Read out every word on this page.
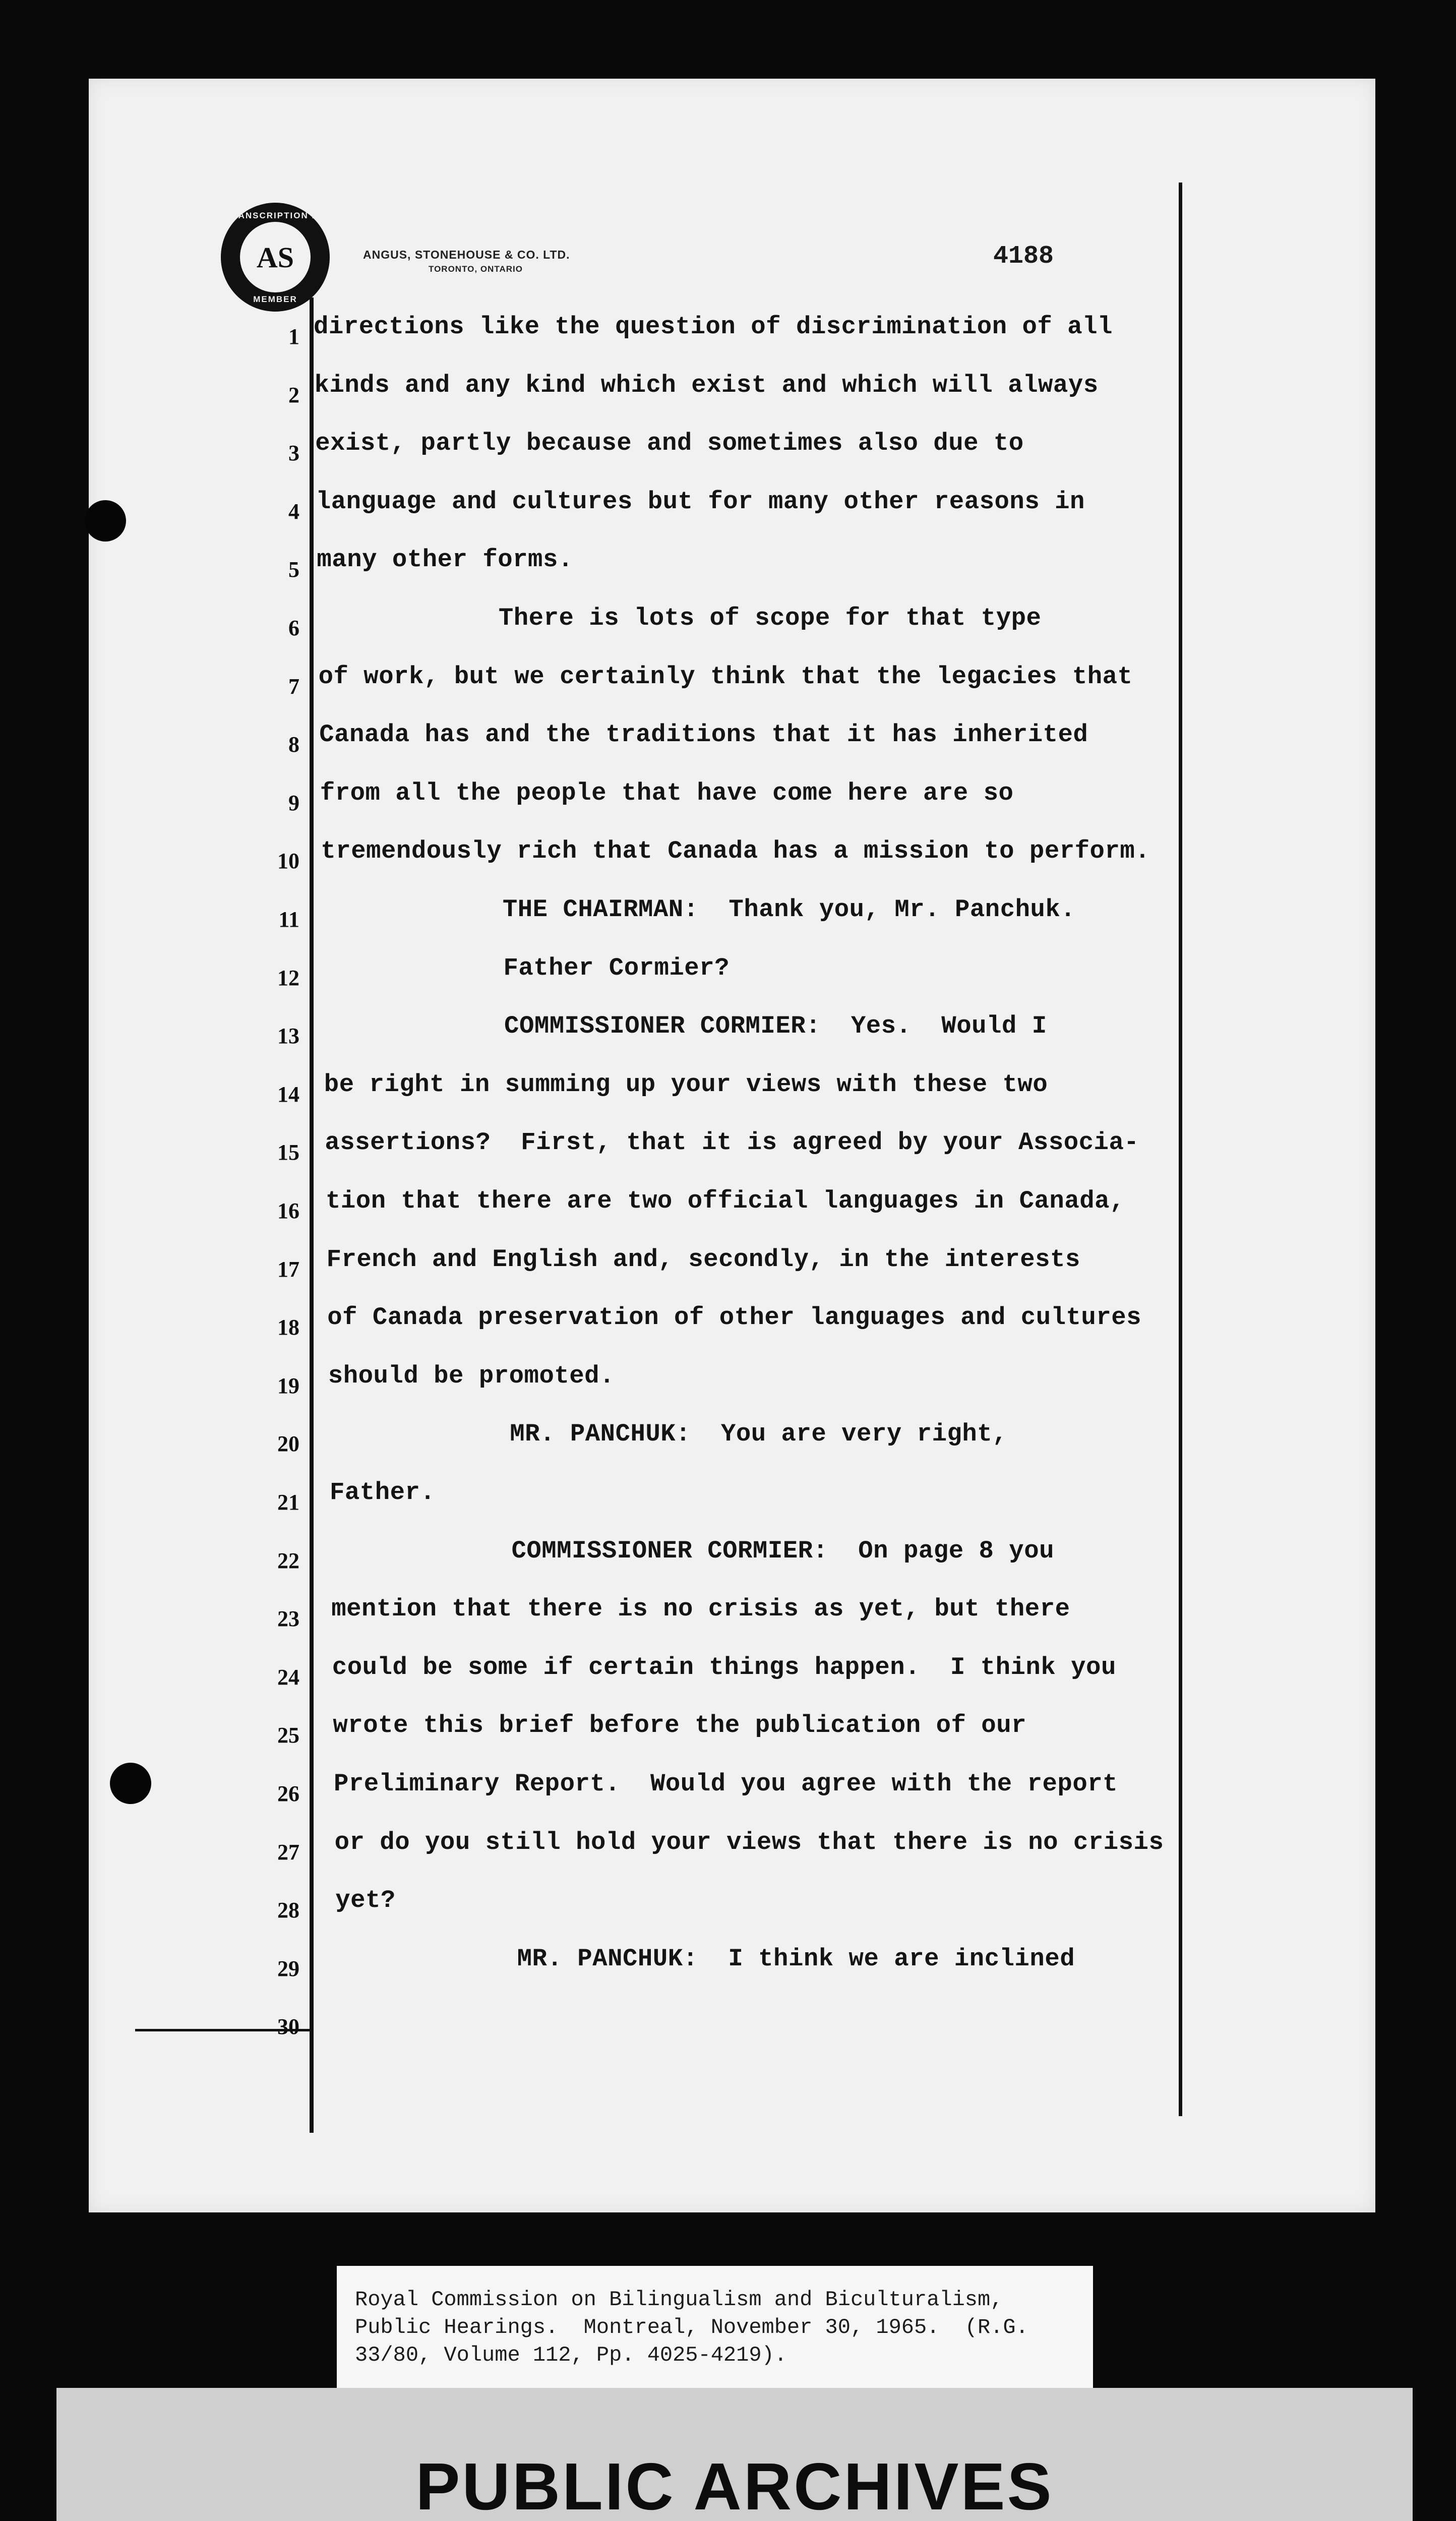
TRANSCRIPTION BY
AS
MEMBER
ANGUS, STONEHOUSE & CO. LTD.
TORONTO, ONTARIO	4188
1 directions like the question of discrimination of all
2 kinds and any kind which exist and which will always
3 exist, partly because and sometimes also due to
4 language and cultures but for many other reasons in
5 many other forms.
6 There is lots of scope for that type
7 of work, but we certainly think that the legacies that
8 Canada has and the traditions that it has inherited
9 from all the people that have come here are so
10 tremendously rich that Canada has a mission to perform.
11 THE CHAIRMAN:  Thank you, Mr. Panchuk.
12 Father Cormier?
13 COMMISSIONER CORMIER:  Yes.  Would I
14 be right in summing up your views with these two
15 assertions?  First, that it is agreed by your Associa-
16 tion that there are two official languages in Canada,
17 French and English and, secondly, in the interests
18 of Canada preservation of other languages and cultures
19 should be promoted.
20 MR. PANCHUK:  You are very right,
21 Father.
22 COMMISSIONER CORMIER:  On page 8 you
23 mention that there is no crisis as yet, but there
24 could be some if certain things happen.  I think you
25 wrote this brief before the publication of our
26 Preliminary Report.  Would you agree with the report
27 or do you still hold your views that there is no crisis
28 yet?
29 MR. PANCHUK:  I think we are inclined
30
Royal Commission on Bilingualism and Biculturalism,
Public Hearings.  Montreal, November 30, 1965.  (R.G.
33/80, Volume 112, Pp. 4025-4219).
PUBLIC ARCHIVES
